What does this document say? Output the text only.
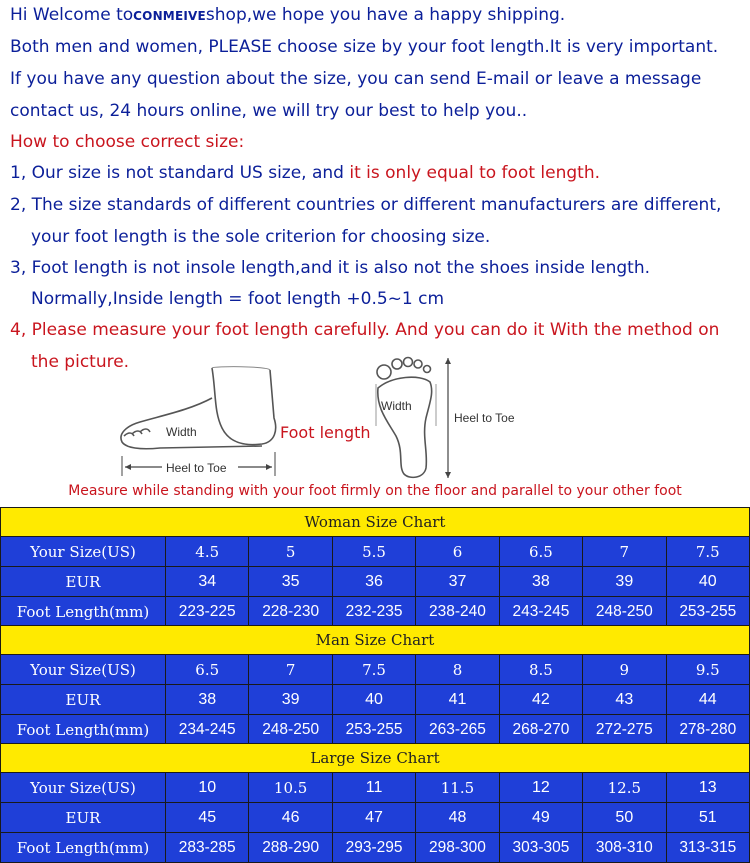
Hi Welcome toCONMEIVEshop,we hope you have a happy shipping.
Both men and women, PLEASE choose size by your foot length.It is very important.
If you have any question about the size, you can send E-mail or leave a message
contact us, 24 hours online, we will try our best to help you..
How to choose correct size:
1, Our size is not standard US size, and it is only equal to foot length.
2, The size standards of different countries or different manufacturers are different,
your foot length is the sole criterion for choosing size.
3, Foot length is not insole length,and it is also not the shoes inside length.
Normally,Inside length = foot length +0.5~1 cm
4, Please measure your foot length carefully. And you can do it With the method on
the picture.
Width
Heel to Toe
Foot length
Width
Heel to Toe
Measure while standing with your foot firmly on the floor and parallel to your other foot
Woman Size Chart							
Your Size(US)	4.5	5	5.5	6	6.5	7	7.5
EUR	34	35	36	37	38	39	40
Foot Length(mm)	223-225	228-230	232-235	238-240	243-245	248-250	253-255
Man Size Chart							
Your Size(US)	6.5	7	7.5	8	8.5	9	9.5
EUR	38	39	40	41	42	43	44
Foot Length(mm)	234-245	248-250	253-255	263-265	268-270	272-275	278-280
Large Size Chart							
Your Size(US)	10	10.5	11	11.5	12	12.5	13
EUR	45	46	47	48	49	50	51
Foot Length(mm)	283-285	288-290	293-295	298-300	303-305	308-310	313-315
